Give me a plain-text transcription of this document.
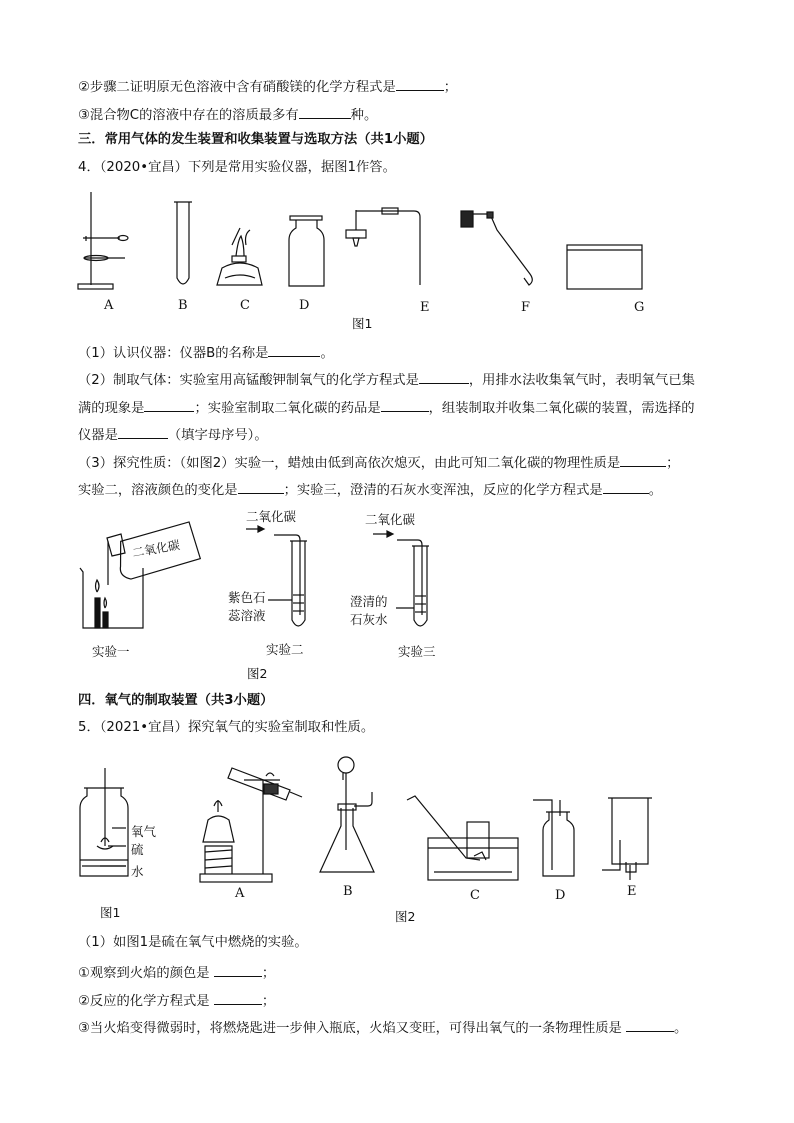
②步骤二证明原无色溶液中含有硝酸镁的化学方程式是	；
③混合物C的溶液中存在的溶质最多有	种。
三．常用气体的发生装置和收集装置与选取方法（共1小题）
4．（2020•宜昌）下列是常用实验仪器，据图1作答。
A	B	C	D	E	F	G
图1
（1）认识仪器：仪器B的名称是	。
（2）制取气体：实验室用高锰酸钾制氧气的化学方程式是	，用排水法收集氧气时，表明氧气已集
满的现象是	；实验室制取二氧化碳的药品是	，组装制取并收集二氧化碳的装置，需选择的
仪器是	（填字母序号）。
（3）探究性质：（如图2）实验一，蜡烛由低到高依次熄灭，由此可知二氧化碳的物理性质是	；
实验二，溶液颜色的变化是	；实验三，澄清的石灰水变浑浊，反应的化学方程式是	。
二氧化碳
二氧化碳
紫色石
蕊溶液
二氧化碳
澄清的
石灰水
实验一	实验二	实验三
图2
四．氧气的制取装置（共3小题）
5．（2021•宜昌）探究氧气的实验室制取和性质。
氧气
硫
水
图1
A	B	C	D	E
图2
（1）如图1是硫在氧气中燃烧的实验。
①观察到火焰的颜色是	；
②反应的化学方程式是	；
③当火焰变得微弱时，将燃烧匙进一步伸入瓶底，火焰又变旺，可得出氧气的一条物理性质是	。
